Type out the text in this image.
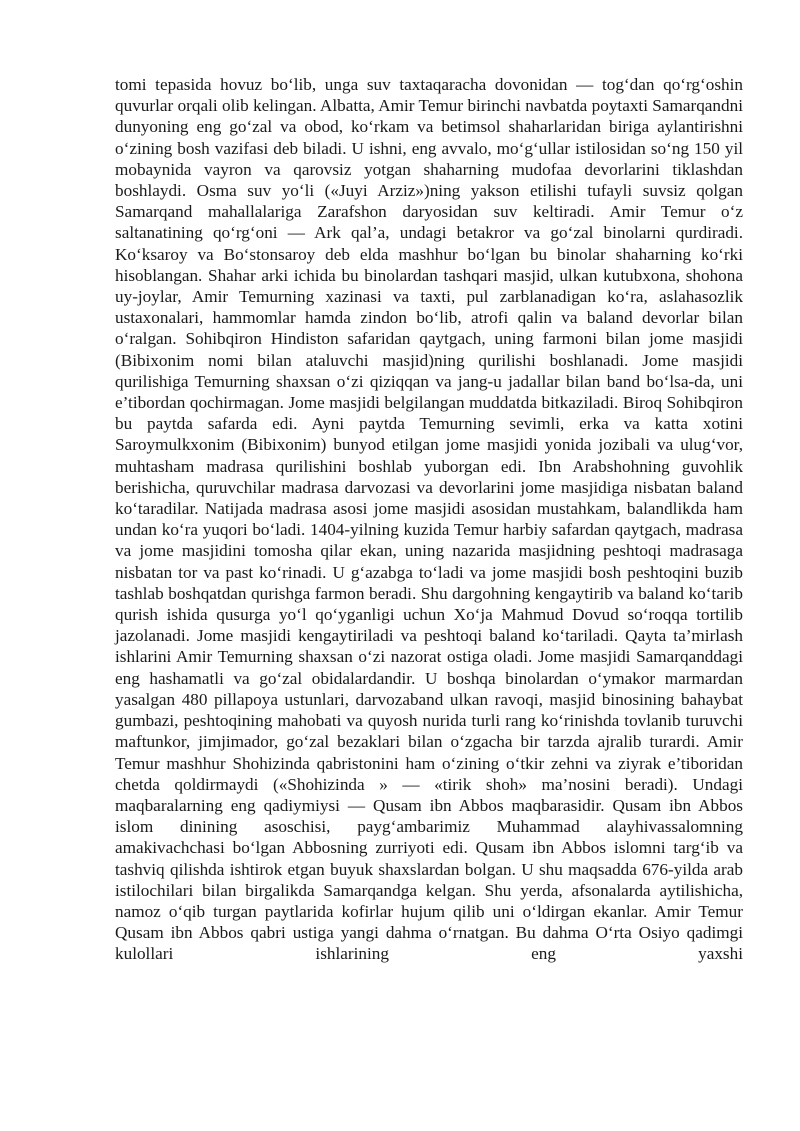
tomi tepasida hovuz bo‘lib, unga suv taxtaqaracha dovonidan — tog‘dan qo‘rg‘oshin quvurlar orqali olib kelingan. Albatta, Amir Temur birinchi navbatda poytaxti Samarqandni dunyoning eng go‘zal va obod, ko‘rkam va betimsol shaharlaridan biriga aylantirishni o‘zining bosh vazifasi deb biladi. U ishni, eng avvalo, mo‘g‘ullar istilosidan so‘ng 150 yil mobaynida vayron va qarovsiz yotgan shaharning mudofaa devorlarini tiklashdan boshlaydi. Osma suv yo‘li («Juyi Arziz»)ning yakson etilishi tufayli suvsiz qolgan Samarqand mahallalariga Zarafshon daryosidan suv keltiradi. Amir Temur o‘z saltanatining qo‘rg‘oni — Ark qal’a, undagi betakror va go‘zal binolarni qurdiradi. Ko‘ksaroy va Bo‘stonsaroy deb elda mashhur bo‘lgan bu binolar shaharning ko‘rki hisoblangan. Shahar arki ichida bu binolardan tashqari masjid, ulkan kutubxona, shohona uy-joylar, Amir Temurning xazinasi va taxti, pul zarblanadigan ko‘ra, aslahasozlik ustaxonalari, hammomlar hamda zindon bo‘lib, atrofi qalin va baland devorlar bilan o‘ralgan. Sohibqiron Hindiston safaridan qaytgach, uning farmoni bilan jome masjidi (Bibixonim nomi bilan ataluvchi masjid)ning qurilishi boshlanadi. Jome masjidi qurilishiga Temurning shaxsan o‘zi qiziqqan va jang-u jadallar bilan band bo‘lsa-da, uni e’tibordan qochirmagan. Jome masjidi belgilangan muddatda bitkaziladi. Biroq Sohibqiron bu paytda safarda edi. Ayni paytda Temurning sevimli, erka va katta xotini Saroymulkxonim (Bibixonim) bunyod etilgan jome masjidi yonida jozibali va ulug‘vor, muhtasham madrasa qurilishini boshlab yuborgan edi. Ibn Arabshohning guvohlik berishicha, quruvchilar madrasa darvozasi va devorlarini jome masjidiga nisbatan baland ko‘taradilar. Natijada madrasa asosi jome masjidi asosidan mustahkam, balandlikda ham undan ko‘ra yuqori bo‘ladi. 1404-yilning kuzida Temur harbiy safardan qaytgach, madrasa va jome masjidini tomosha qilar ekan, uning nazarida masjidning peshtoqi madrasaga nisbatan tor va past ko‘rinadi. U g‘azabga to‘ladi va jome masjidi bosh peshtoqini buzib tashlab boshqatdan qurishga farmon beradi. Shu dargohning kengaytirib va baland ko‘tarib qurish ishida qusurga yo‘l qo‘yganligi uchun Xo‘ja Mahmud Dovud so‘roqqa tortilib jazolanadi. Jome masjidi kengaytiriladi va peshtoqi baland ko‘tariladi. Qayta ta’mirlash ishlarini Amir Temurning shaxsan o‘zi nazorat ostiga oladi. Jome masjidi Samarqanddagi eng hashamatli va go‘zal obidalardandir. U boshqa binolardan o‘ymakor marmardan yasalgan 480 pillapoya ustunlari, darvozaband ulkan ravoqi, masjid binosining bahaybat gumbazi, peshtoqining mahobati va quyosh nurida turli rang ko‘rinishda tovlanib turuvchi maftunkor, jimjimador, go‘zal bezaklari bilan o‘zgacha bir tarzda ajralib turardi. Amir Temur mashhur Shohizinda qabristonini ham o‘zining o‘tkir zehni va ziyrak e’tiboridan chetda qoldirmaydi («Shohizinda » — «tirik shoh» ma’nosini beradi). Undagi maqbaralarning eng qadiymiysi — Qusam ibn Abbos maqbarasidir. Qusam ibn Abbos islom dinining asoschisi, payg‘ambarimiz Muhammad alayhivassalomning amakivachchasi bo‘lgan Abbosning zurriyoti edi. Qusam ibn Abbos islomni targ‘ib va tashviq qilishda ishtirok etgan buyuk shaxslardan bolgan. U shu maqsadda 676-yilda arab istilochilari bilan birgalikda Samarqandga kelgan. Shu yerda, afsonalarda aytilishicha, namoz o‘qib turgan paytlarida kofirlar hujum qilib uni o‘ldirgan ekanlar. Amir Temur Qusam ibn Abbos qabri ustiga yangi dahma o‘rnatgan. Bu dahma O‘rta Osiyo qadimgi kulollari ishlarining eng yaxshi
